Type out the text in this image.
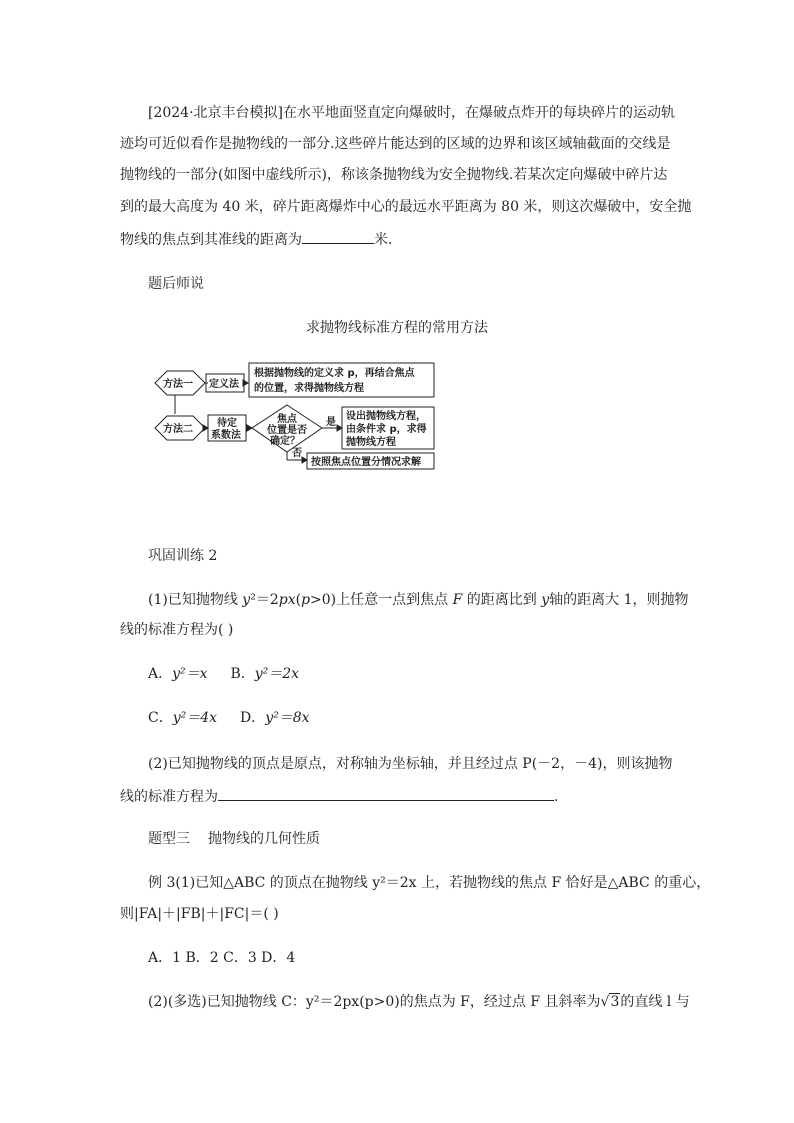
[2024·北京丰台模拟]在水平地面竖直定向爆破时，在爆破点炸开的每块碎片的运动轨
迹均可近似看作是抛物线的一部分.这些碎片能达到的区域的边界和该区域轴截面的交线是
抛物线的一部分(如图中虚线所示)，称该条抛物线为安全抛物线.若某次定向爆破中碎片达
到的最大高度为 40 米，碎片距离爆炸中心的最远水平距离为 80 米，则这次爆破中，安全抛
物线的焦点到其准线的距离为	米.
题后师说
求抛物线标准方程的常用方法
方法一 定义法
根据抛物线的定义求 p，再结合焦点
的位置，求得抛物线方程
方法二
待定
系数法
焦点
位置是否
确定？
是
否
设出抛物线方程，
由条件求 p，求得
抛物线方程
按照焦点位置分情况求解
巩固训练 2
(1)已知抛物线 y²＝2px(p>0)上任意一点到焦点 F 的距离比到 y轴的距离大 1，则抛物
线的标准方程为( )
A．y²＝x B．y²＝2x
C．y²＝4x D．y²＝8x
(2)已知抛物线的顶点是原点，对称轴为坐标轴，并且经过点 P(－2，－4)，则该抛物
线的标准方程为	.
题型三 抛物线的几何性质
例 3(1)已知△ABC 的顶点在抛物线 y²＝2x 上，若抛物线的焦点 F 恰好是△ABC 的重心，
则|FA|＋|FB|＋|FC|＝( )
A．1 B．2 C．3 D．4
(2)(多选)已知抛物线 C：y²＝2px(p>0)的焦点为 F，经过点 F 且斜率为√3的直线 l 与
